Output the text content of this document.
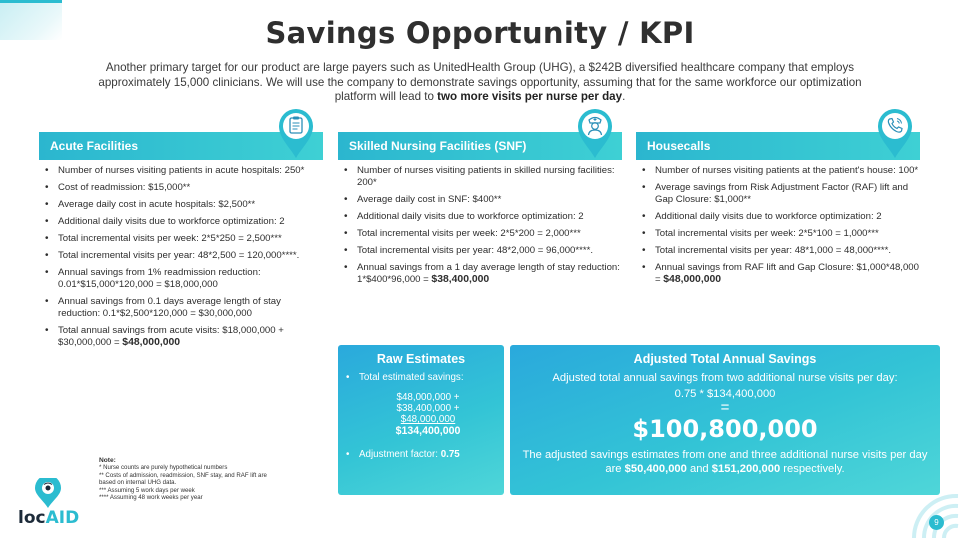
Savings Opportunity / KPI
Another primary target for our product are large payers such as UnitedHealth Group (UHG), a $242B diversified healthcare company that employs approximately 15,000 clinicians. We will use the company to demonstrate savings opportunity, assuming that for the same workforce our optimization platform will lead to two more visits per nurse per day.
Acute Facilities
• Number of nurses visiting patients in acute hospitals: 250*
• Cost of readmission: $15,000**
• Average daily cost in acute hospitals: $2,500**
• Additional daily visits due to workforce optimization: 2
• Total incremental visits per week: 2*5*250 = 2,500***
• Total incremental visits per year: 48*2,500 = 120,000****.
• Annual savings from 1% readmission reduction: 0.01*$15,000*120,000 = $18,000,000
• Annual savings from 0.1 days average length of stay reduction: 0.1*$2,500*120,000 = $30,000,000
• Total annual savings from acute visits: $18,000,000 + $30,000,000 = $48,000,000
Skilled Nursing Facilities (SNF)
• Number of nurses visiting patients in skilled nursing facilities: 200*
• Average daily cost in SNF: $400**
• Additional daily visits due to workforce optimization: 2
• Total incremental visits per week: 2*5*200 = 2,000***
• Total incremental visits per year: 48*2,000 = 96,000****.
• Annual savings from a 1 day average length of stay reduction: 1*$400*96,000 = $38,400,000
Housecalls
• Number of nurses visiting patients at the patient's house: 100*
• Average savings from Risk Adjustment Factor (RAF) lift and Gap Closure: $1,000**
• Additional daily visits due to workforce optimization: 2
• Total incremental visits per week: 2*5*100 = 1,000***
• Total incremental visits per year: 48*1,000 = 48,000****.
• Annual savings from RAF lift and Gap Closure: $1,000*48,000 = $48,000,000
Raw Estimates
• Total estimated savings:
$48,000,000 +
$38,400,000 +
$48,000,000
$134,400,000
• Adjustment factor: 0.75
Adjusted Total Annual Savings
Adjusted total annual savings from two additional nurse visits per day:
0.75 * $134,400,000
=
$100,800,000
The adjusted savings estimates from one and three additional nurse visits per day are $50,400,000 and $151,200,000 respectively.
Note:
* Nurse counts are purely hypothetical numbers
** Costs of admission, readmission, SNF stay, and RAF lift are based on internal UHG data.
*** Assuming 5 work days per week
**** Assuming 48 work weeks per year
locAID	9
